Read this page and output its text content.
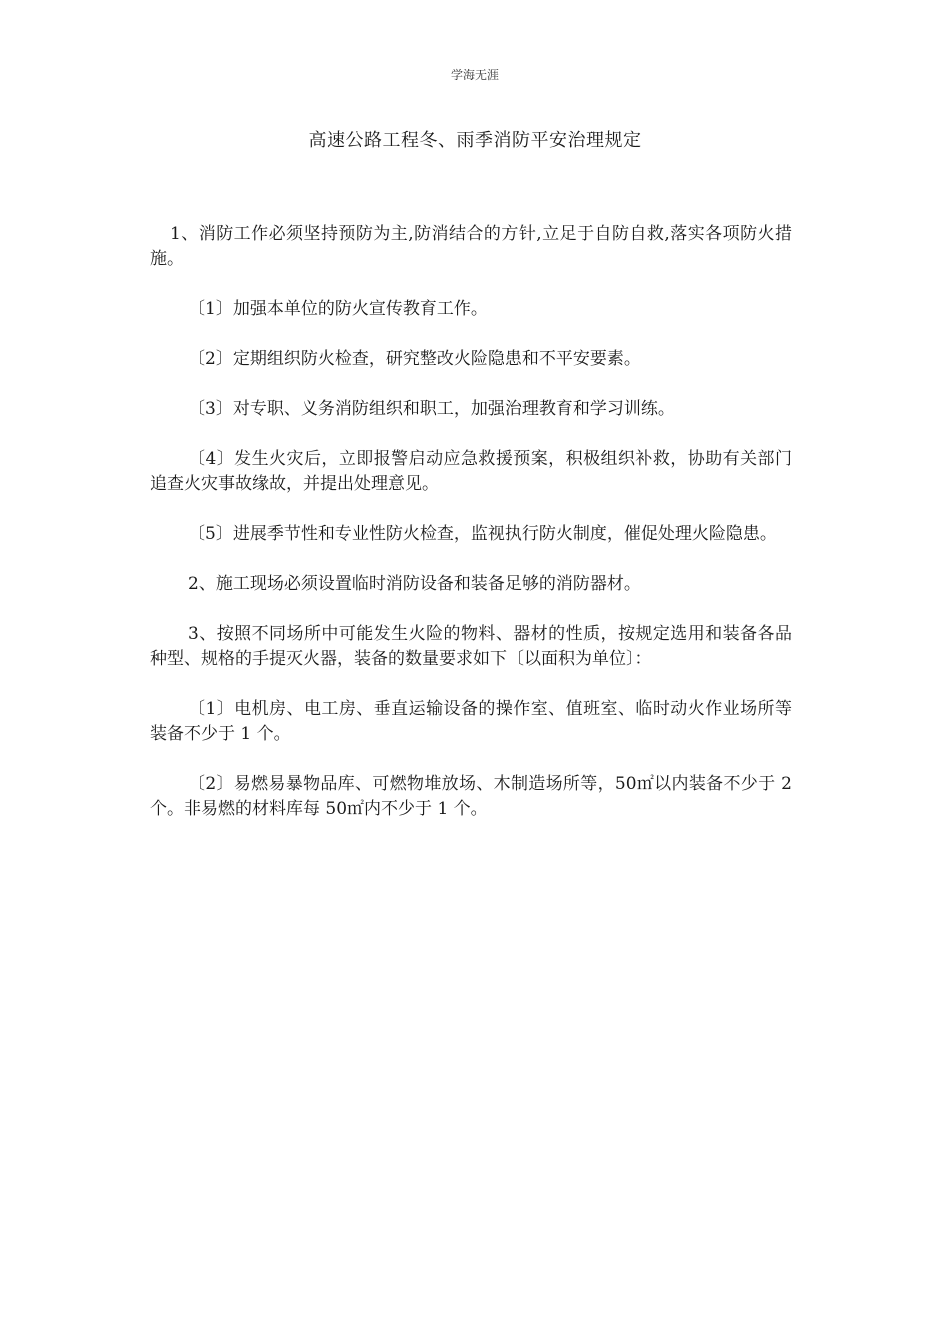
学海无涯
高速公路工程冬、雨季消防平安治理规定

1、消防工作必须坚持预防为主,防消结合的方针,立足于自防自救,落实各项防火措施。

〔1〕加强本单位的防火宣传教育工作。

〔2〕定期组织防火检查，研究整改火险隐患和不平安要素。

〔3〕对专职、义务消防组织和职工，加强治理教育和学习训练。

〔4〕发生火灾后，立即报警启动应急救援预案，积极组织补救，协助有关部门追查火灾事故缘故，并提出处理意见。

〔5〕进展季节性和专业性防火检查，监视执行防火制度，催促处理火险隐患。

2、施工现场必须设置临时消防设备和装备足够的消防器材。

3、按照不同场所中可能发生火险的物料、器材的性质，按规定选用和装备各品种型、规格的手提灭火器，装备的数量要求如下〔以面积为单位〕：

〔1〕电机房、电工房、垂直运输设备的操作室、值班室、临时动火作业场所等装备不少于 1 个。

〔2〕易燃易暴物品库、可燃物堆放场、木制造场所等，50㎡以内装备不少于 2 个。非易燃的材料库每 50㎡内不少于 1 个。
